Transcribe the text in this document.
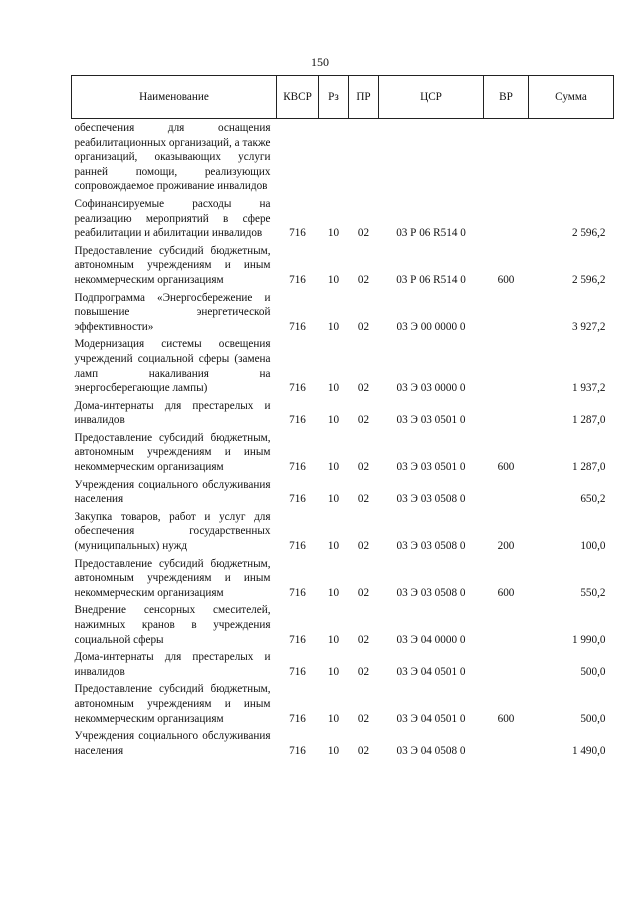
150
Наименование	КВСР	Рз	ПР	ЦСР	ВР	Сумма
обеспечения для оснащения реабилитационных организаций, а также организаций, оказывающих услуги ранней помощи, реализующих сопровождаемое проживание инвалидов						
Софинансируемые расходы на реализацию мероприятий в сфере реабилитации и абилитации инвалидов	716	10	02	03 Р 06 R514 0		2 596,2
Предоставление субсидий бюджетным, автономным учреждениям и иным некоммерческим организациям	716	10	02	03 Р 06 R514 0	600	2 596,2
Подпрограмма «Энергосбережение и повышение энергетической эффективности»	716	10	02	03 Э 00 0000 0		3 927,2
Модернизация системы освещения учреждений социальной сферы (замена ламп накаливания на энергосберегающие лампы)	716	10	02	03 Э 03 0000 0		1 937,2
Дома-интернаты для престарелых и инвалидов	716	10	02	03 Э 03 0501 0		1 287,0
Предоставление субсидий бюджетным, автономным учреждениям и иным некоммерческим организациям	716	10	02	03 Э 03 0501 0	600	1 287,0
Учреждения социального обслуживания населения	716	10	02	03 Э 03 0508 0		650,2
Закупка товаров, работ и услуг для обеспечения государственных (муниципальных) нужд	716	10	02	03 Э 03 0508 0	200	100,0
Предоставление субсидий бюджетным, автономным учреждениям и иным некоммерческим организациям	716	10	02	03 Э 03 0508 0	600	550,2
Внедрение сенсорных смесителей, нажимных кранов в учреждения социальной сферы	716	10	02	03 Э 04 0000 0		1 990,0
Дома-интернаты для престарелых и инвалидов	716	10	02	03 Э 04 0501 0		500,0
Предоставление субсидий бюджетным, автономным учреждениям и иным некоммерческим организациям	716	10	02	03 Э 04 0501 0	600	500,0
Учреждения социального обслуживания населения	716	10	02	03 Э 04 0508 0		1 490,0
